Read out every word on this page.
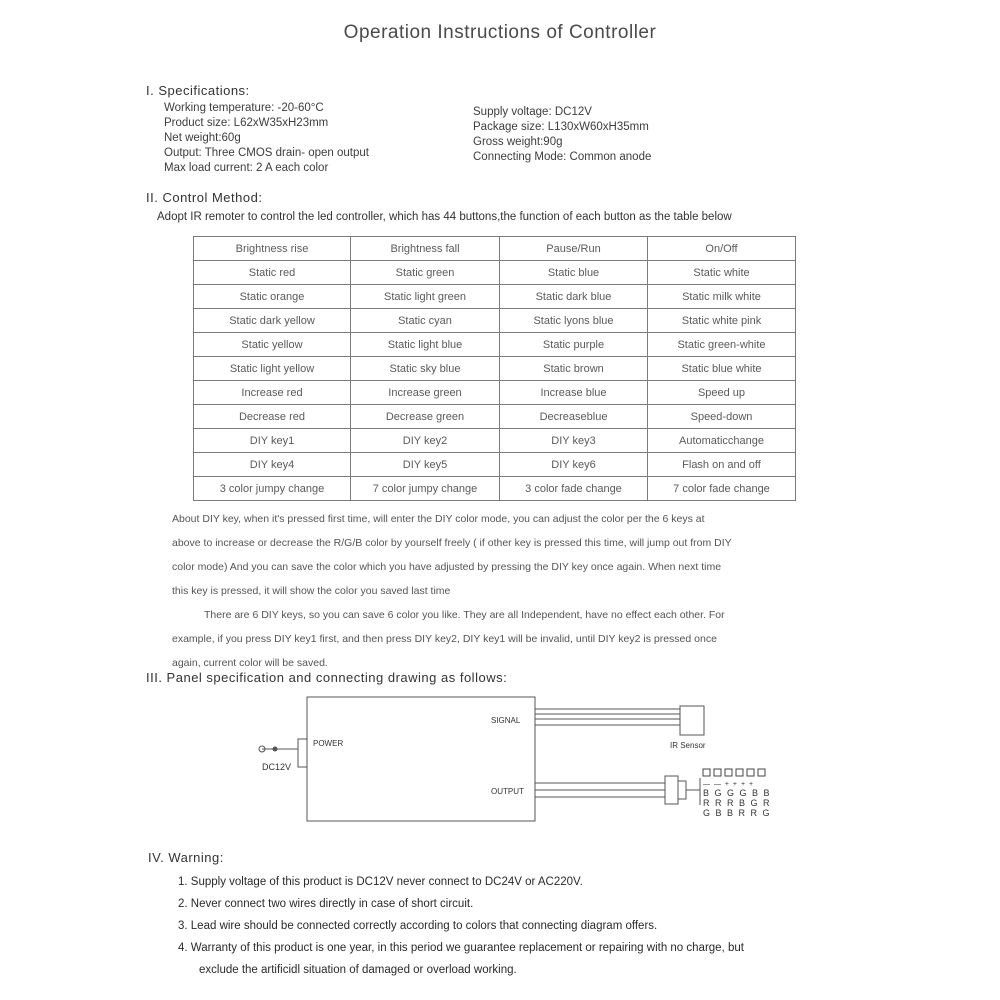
Operation Instructions of Controller
I. Specifications:
Working temperature: -20-60°C
Product size: L62xW35xH23mm
Net weight:60g
Output: Three CMOS drain- open output
Max load current: 2 A each color
Supply voltage: DC12V
Package size: L130xW60xH35mm
Gross weight:90g
Connecting Mode: Common anode
II. Control Method:
Adopt IR remoter to control the led controller, which has 44 buttons,the function of each button as the table below
Brightness rise	Brightness fall	Pause/Run	On/Off
Static red	Static green	Static blue	Static white
Static orange	Static light green	Static dark blue	Static milk white
Static dark yellow	Static cyan	Static lyons blue	Static white pink
Static yellow	Static light blue	Static purple	Static green-white
Static light yellow	Static sky blue	Static brown	Static blue white
Increase red	Increase green	Increase blue	Speed up
Decrease red	Decrease green	Decreaseblue	Speed-down
DIY key1	DIY key2	DIY key3	Automaticchange
DIY key4	DIY key5	DIY key6	Flash on and off
3 color jumpy change	7 color jumpy change	3 color fade change	7 color fade change
About DIY key, when it's pressed first time, will enter the DIY color mode, you can adjust the color per the 6 keys at
above to increase or decrease the R/G/B color by yourself freely ( if other key is pressed this time, will jump out from DIY
color mode) And you can save the color which you have adjusted by pressing the DIY key once again. When next time
this key is pressed, it will show the color you saved last time
There are 6 DIY keys, so you can save 6 color you like. They are all Independent, have no effect each other. For
example, if you press DIY key1 first, and then press DIY key2, DIY key1 will be invalid, until DIY key2 is pressed once
again, current color will be saved.
III. Panel specification and connecting drawing as follows:
POWER
DC12V
SIGNAL
IR Sensor
OUTPUT
— — + + + +
B G G G B B
R R R B G R
G B B R R G
IV. Warning:
1. Supply voltage of this product is DC12V never connect to DC24V or AC220V.
2. Never connect two wires directly in case of short circuit.
3. Lead wire should be connected correctly according to colors that connecting diagram offers.
4. Warranty of this product is one year, in this period we guarantee replacement or repairing with no charge, but
exclude the artificidl situation of damaged or overload working.
